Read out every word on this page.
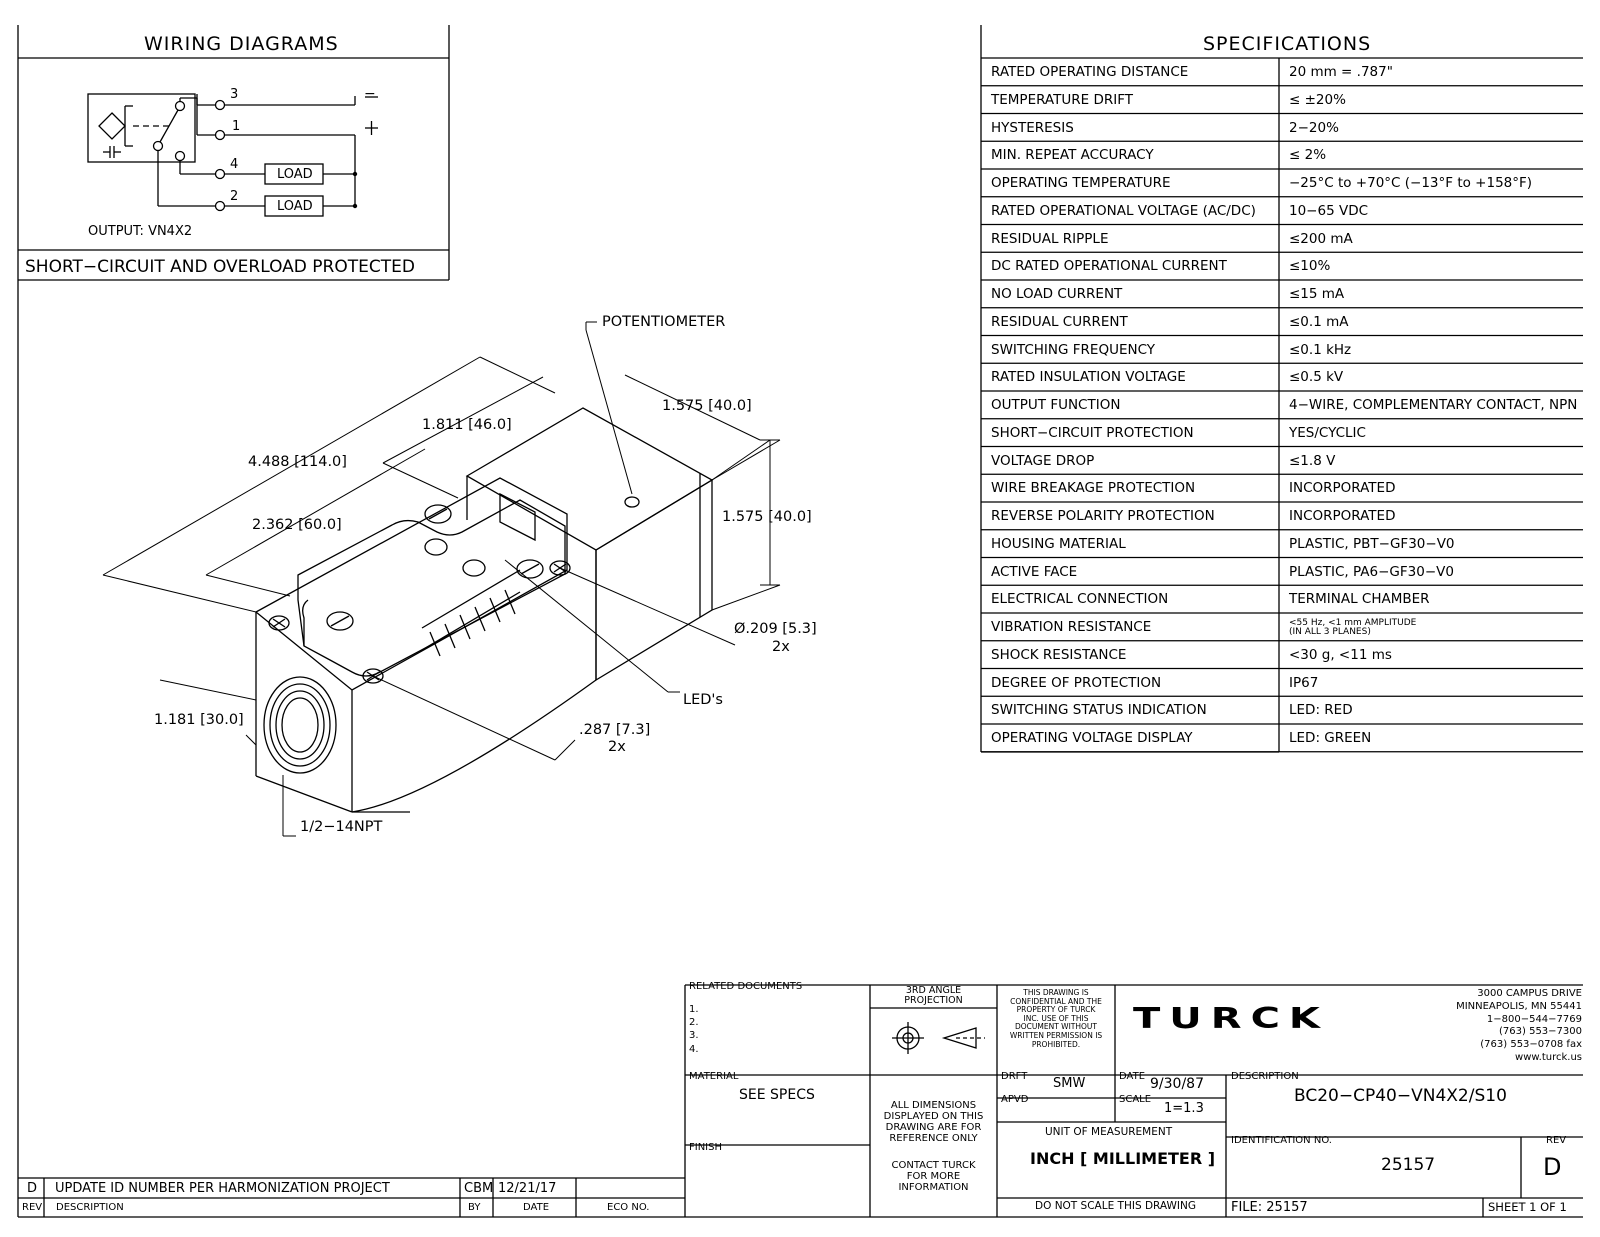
WIRING DIAGRAMS
3
1
4
2
−
LOAD
LOAD
OUTPUT: VN4X2
SHORT−CIRCUIT AND OVERLOAD PROTECTED
SPECIFICATIONS
RATED OPERATING DISTANCE	20 mm = .787"
TEMPERATURE DRIFT	≤ ±20%
HYSTERESIS	2−20%
MIN. REPEAT ACCURACY	≤ 2%
OPERATING TEMPERATURE	−25°C to +70°C (−13°F to +158°F)
RATED OPERATIONAL VOLTAGE (AC/DC) 10−65 VDC
RESIDUAL RIPPLE	≤200 mA
DC RATED OPERATIONAL CURRENT	≤10%
NO LOAD CURRENT	≤15 mA
RESIDUAL CURRENT	≤0.1 mA
SWITCHING FREQUENCY	≤0.1 kHz
RATED INSULATION VOLTAGE	≤0.5 kV
OUTPUT FUNCTION	4−WIRE, COMPLEMENTARY CONTACT, NPN
SHORT−CIRCUIT PROTECTION	YES/CYCLIC
VOLTAGE DROP	≤1.8 V
WIRE BREAKAGE PROTECTION	INCORPORATED
REVERSE POLARITY PROTECTION	INCORPORATED
HOUSING MATERIAL	PLASTIC, PBT−GF30−V0
ACTIVE FACE	PLASTIC, PA6−GF30−V0
ELECTRICAL CONNECTION	TERMINAL CHAMBER
VIBRATION RESISTANCE	<55 Hz, <1 mm AMPLITUDE
(IN ALL 3 PLANES)
SHOCK RESISTANCE	<30 g, <11 ms
DEGREE OF PROTECTION	IP67
SWITCHING STATUS INDICATION	LED: RED
OPERATING VOLTAGE DISPLAY	LED: GREEN
POTENTIOMETER
4.488 [114.0]
1.811 [46.0]
2.362 [60.0]
1.575 [40.0]
1.575 [40.0]
Ø.209 [5.3]
2x
LED's
1.181 [30.0]
.287 [7.3]
2x
1/2−14NPT
RELATED DOCUMENTS
1.
2.
3.
4.
3RD ANGLE
PROJECTION
THIS DRAWING IS
CONFIDENTIAL AND THE
PROPERTY OF TURCK
INC. USE OF THIS
DOCUMENT WITHOUT
WRITTEN PERMISSION IS
PROHIBITED.
TURCK
3000 CAMPUS DRIVE
MINNEAPOLIS, MN 55441
1−800−544−7769
(763) 553−7300
(763) 553−0708 fax
www.turck.us
MATERIAL
SEE SPECS
FINISH
ALL DIMENSIONS
DISPLAYED ON THIS
DRAWING ARE FOR
REFERENCE ONLY
CONTACT TURCK
FOR MORE
INFORMATION
DRFT SMW	DATE 9/30/87
APVD	SCALE
1=1.3
UNIT OF MEASUREMENT
INCH [ MILLIMETER ]
DO NOT SCALE THIS DRAWING
DESCRIPTION
BC20−CP40−VN4X2/S10
IDENTIFICATION NO.
25157
REV
D
FILE: 25157	SHEET 1 OF 1
D UPDATE ID NUMBER PER HARMONIZATION PROJECT	CBM 12/21/17
REV DESCRIPTION	BY	DATE	ECO NO.
